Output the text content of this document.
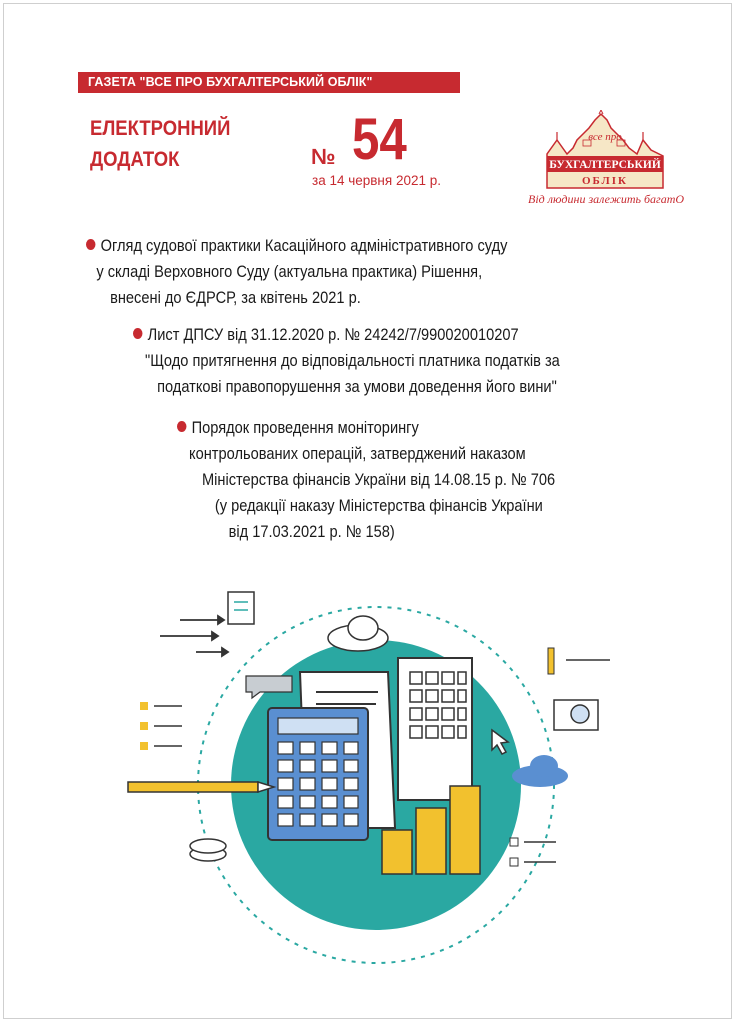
ГАЗЕТА "ВСЕ ПРО БУХГАЛТЕРСЬКИЙ ОБЛІК"
ЕЛЕКТРОННИЙ
ДОДАТОК	№ 54
за 14 червня 2021 р.
все про
БУХГАЛТЕРСЬКИЙ
ОБЛІК
Від людини залежить багатО
Огляд судової практики Касаційного адміністративного суду
у складі Верховного Суду (актуальна практика) Рішення,
внесені до ЄДРСР, за квітень 2021 р.
Лист ДПСУ від 31.12.2020 р. № 24242/7/990020010207
"Щодо притягнення до відповідальності платника податків за
податкові правопорушення за умови доведення його вини"
Порядок проведення моніторингу
контрольованих операцій, затверджений наказом
Міністерства фінансів України від 14.08.15 р. № 706
(у редакції наказу Міністерства фінансів України
від 17.03.2021 р. № 158)
